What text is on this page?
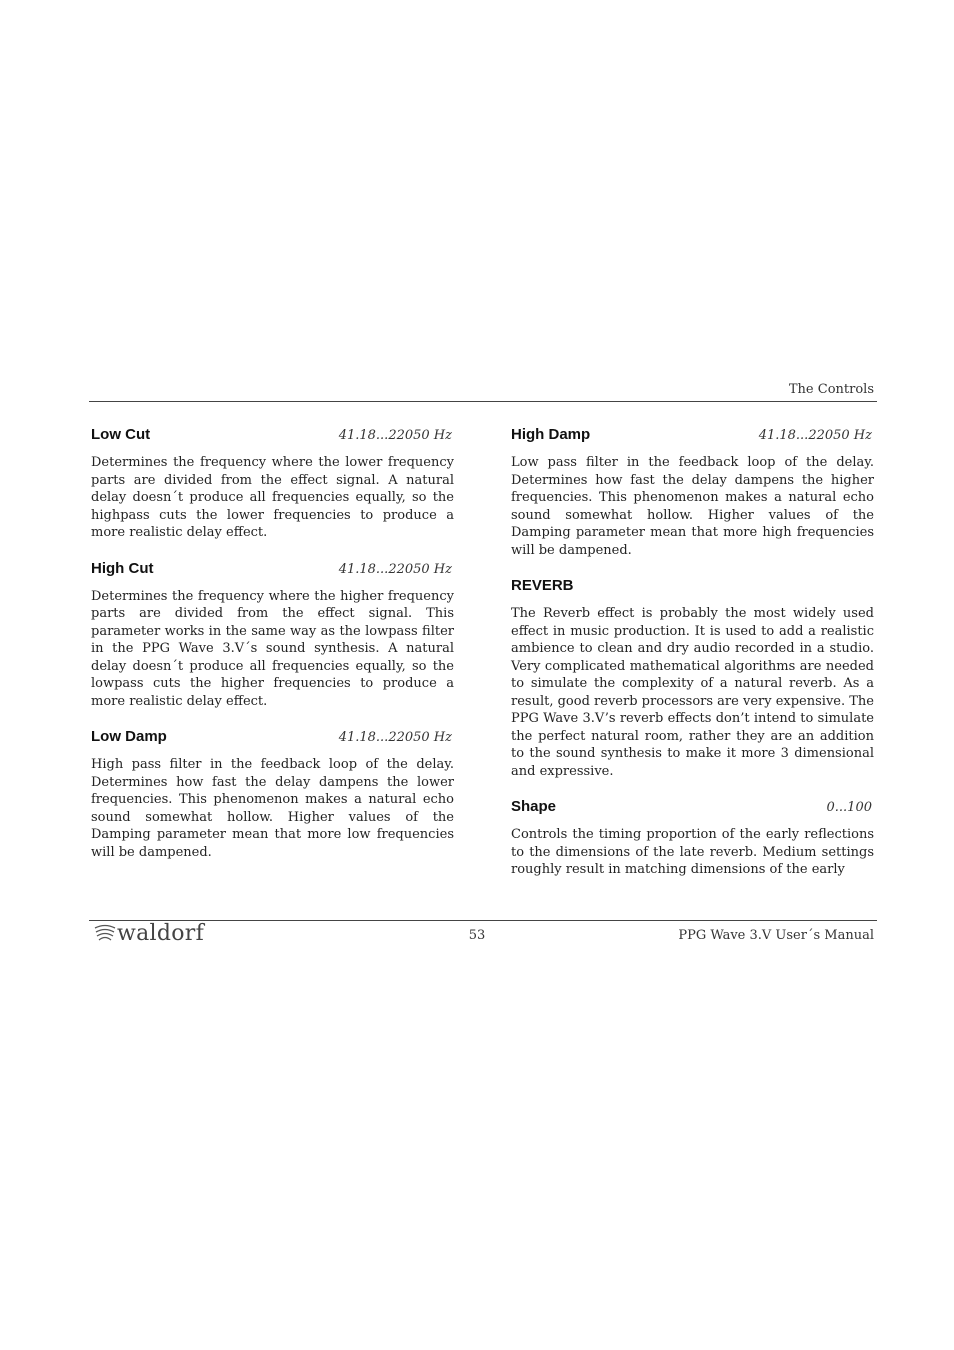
The Controls
Low Cut	41.18...22050 Hz

Determines the frequency where the lower frequency parts are divided from the effect signal. A natural delay doesn´t produce all frequencies equally, so the highpass cuts the lower frequencies to produce a more realistic delay effect.

High Cut	41.18...22050 Hz

Determines the frequency where the higher frequency parts are divided from the effect signal. This parameter works in the same way as the lowpass filter in the PPG Wave 3.V´s sound synthesis. A natural delay doesn´t produce all frequencies equally, so the lowpass cuts the higher frequencies to produce a more realistic delay effect.

Low Damp	41.18...22050 Hz

High pass filter in the feedback loop of the delay. Determines how fast the delay dampens the lower frequencies. This phenomenon makes a natural echo sound somewhat hollow. Higher values of the Damping parameter mean that more low frequencies will be dampened.

High Damp	41.18...22050 Hz

Low pass filter in the feedback loop of the delay. Determines how fast the delay dampens the higher frequencies. This phenomenon makes a natural echo sound somewhat hollow. Higher values of the Damping parameter mean that more high frequencies will be dampened.

REVERB

The Reverb effect is probably the most widely used effect in music production. It is used to add a realistic ambience to clean and dry audio recorded in a studio. Very complicated mathematical algorithms are needed to simulate the complexity of a natural reverb. As a result, good reverb processors are very expensive. The PPG Wave 3.V’s reverb effects don’t intend to simulate the perfect natural room, rather they are an addition to the sound synthesis to make it more 3 dimensional and expressive.

Shape	0...100

Controls the timing proportion of the early reflections to the dimensions of the late reverb. Medium settings roughly result in matching dimensions of the early

waldorf	53	PPG Wave 3.V User´s Manual
